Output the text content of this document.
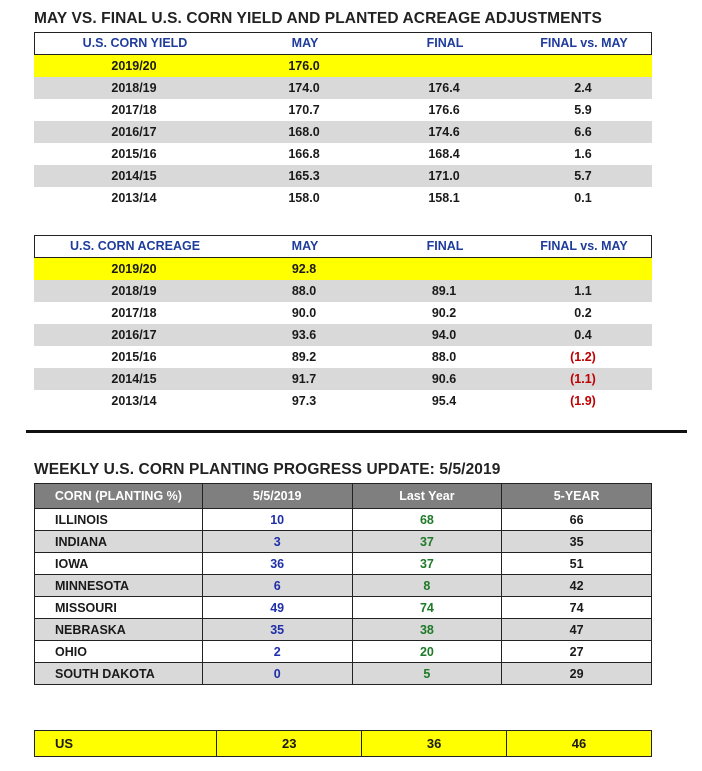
MAY VS. FINAL U.S. CORN YIELD AND PLANTED ACREAGE ADJUSTMENTS
U.S. CORN YIELD	MAY	FINAL	FINAL vs. MAY
2019/20	176.0
2018/19	174.0	176.4	2.4
2017/18	170.7	176.6	5.9
2016/17	168.0	174.6	6.6
2015/16	166.8	168.4	1.6
2014/15	165.3	171.0	5.7
2013/14	158.0	158.1	0.1
U.S. CORN ACREAGE	MAY	FINAL	FINAL vs. MAY
2019/20	92.8
2018/19	88.0	89.1	1.1
2017/18	90.0	90.2	0.2
2016/17	93.6	94.0	0.4
2015/16	89.2	88.0	(1.2)
2014/15	91.7	90.6	(1.1)
2013/14	97.3	95.4	(1.9)
WEEKLY U.S. CORN PLANTING PROGRESS UPDATE: 5/5/2019
CORN (PLANTING %)	5/5/2019	Last Year	5-YEAR
ILLINOIS	10	68	66
INDIANA	3	37	35
IOWA	36	37	51
MINNESOTA	6	8	42
MISSOURI	49	74	74
NEBRASKA	35	38	47
OHIO	2	20	27
SOUTH DAKOTA	0	5	29
US	23	36	46
